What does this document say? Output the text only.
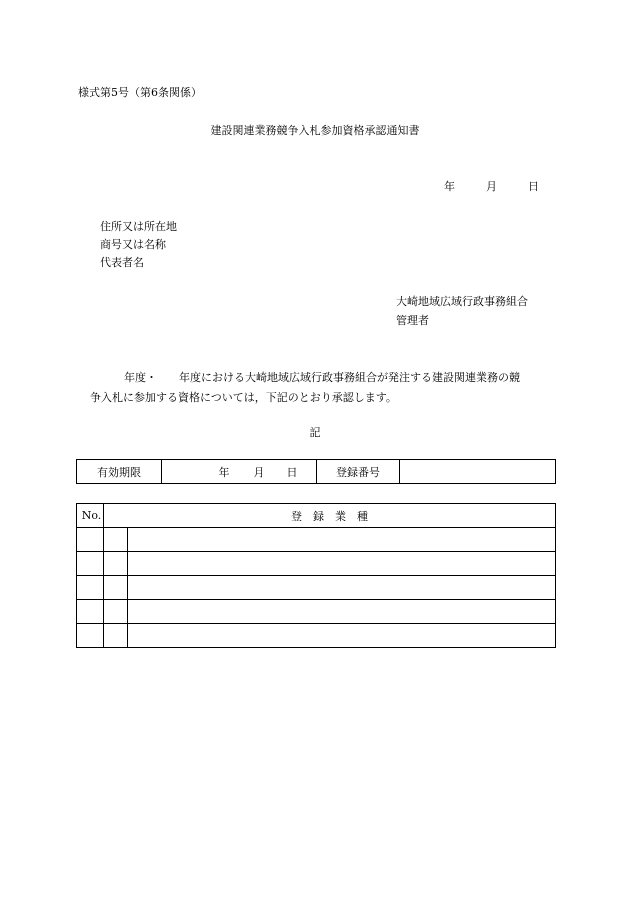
様式第5号（第6条関係）
建設関連業務競争入札参加資格承認通知書
年	月	日
住所又は所在地
商号又は名称
代表者名
大崎地域広域行政事務組合
管理者
年度・　　年度における大崎地域広域行政事務組合が発注する建設関連業務の競
争入札に参加する資格については，下記のとおり承認します。
記
有効期限	年 月 日	登録番号	
No.	登　録　業　種	
